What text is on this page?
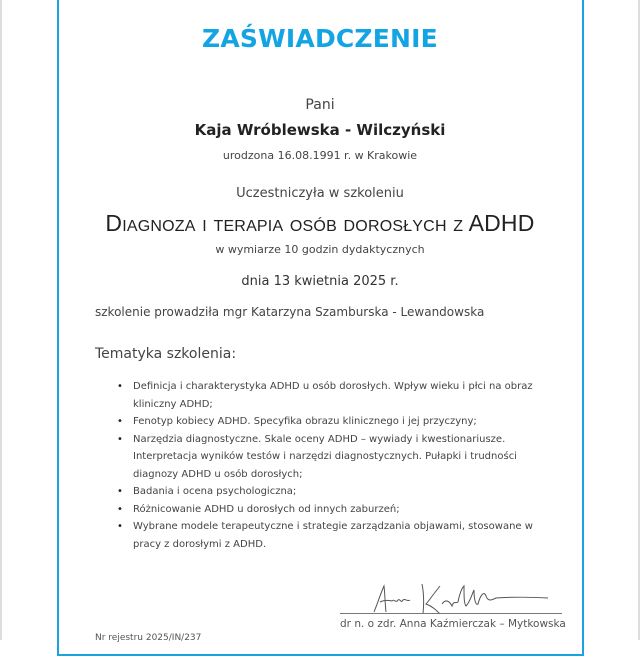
ZAŚWIADCZENIE
Pani
Kaja Wróblewska - Wilczyński
urodzona 16.08.1991 r. w Krakowie
Uczestniczyła w szkoleniu
Diagnoza i terapia osób dorosłych z ADHD
w wymiarze 10 godzin dydaktycznych
dnia 13 kwietnia 2025 r.
szkolenie prowadziła mgr Katarzyna Szamburska - Lewandowska
Tematyka szkolenia:
• Definicja i charakterystyka ADHD u osób dorosłych. Wpływ wieku i płci na obraz kliniczny ADHD;
• Fenotyp kobiecy ADHD. Specyfika obrazu klinicznego i jej przyczyny;
• Narzędzia diagnostyczne. Skale oceny ADHD – wywiady i kwestionariusze. Interpretacja wyników testów i narzędzi diagnostycznych. Pułapki i trudności diagnozy ADHD u osób dorosłych;
• Badania i ocena psychologiczna;
• Różnicowanie ADHD u dorosłych od innych zaburzeń;
• Wybrane modele terapeutyczne i strategie zarządzania objawami, stosowane w pracy z dorosłymi z ADHD.
dr n. o zdr. Anna Kaźmierczak – Mytkowska
Nr rejestru 2025/IN/237
